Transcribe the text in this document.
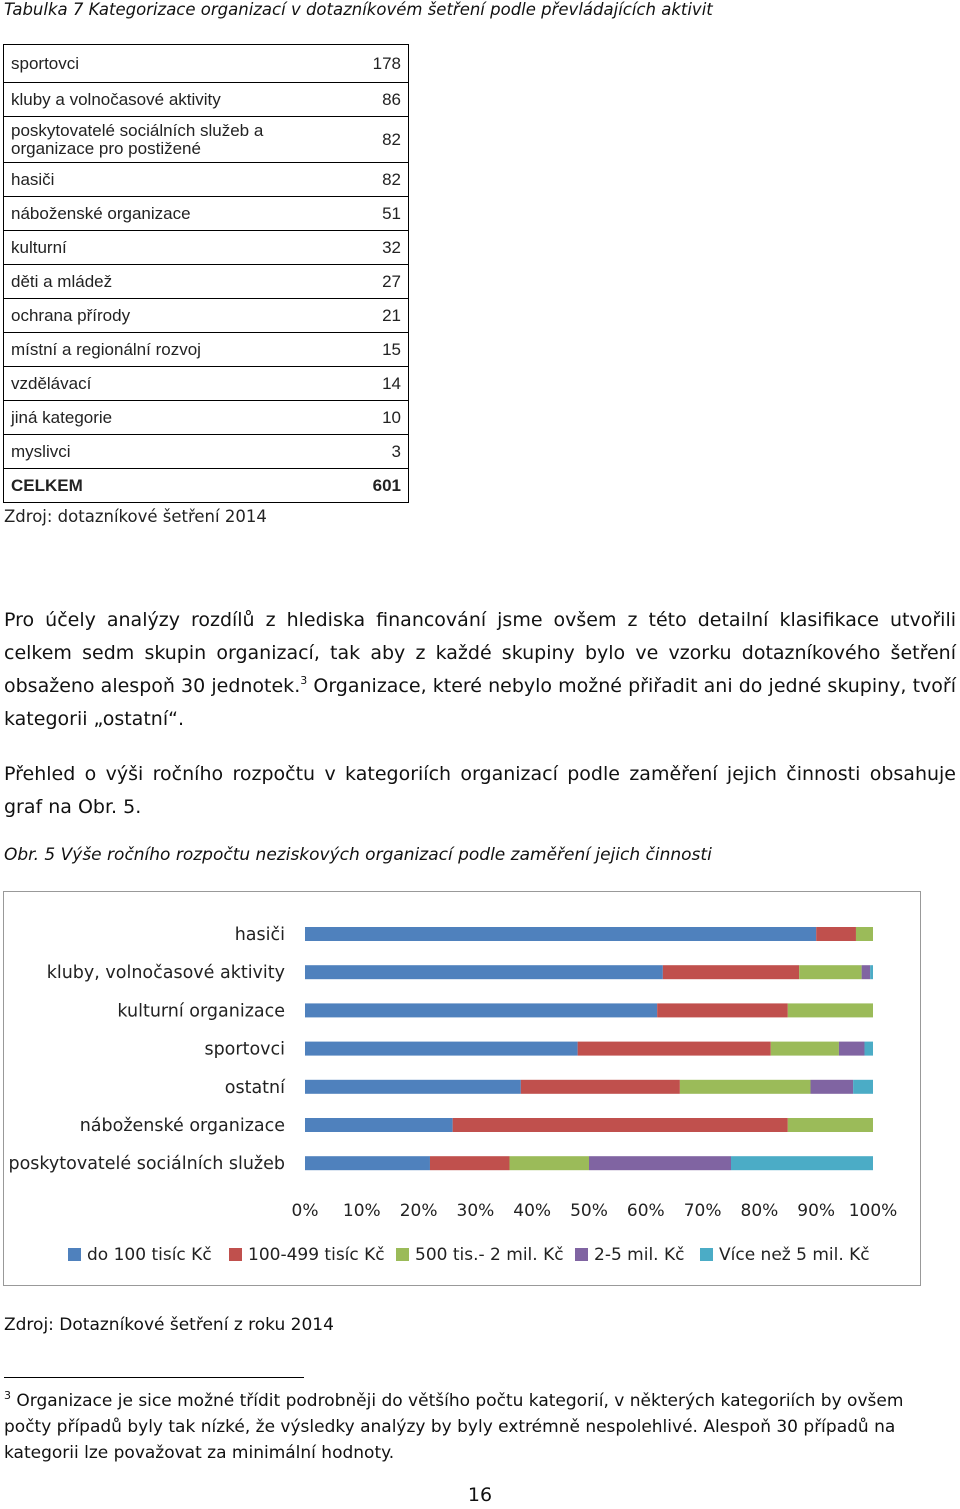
Tabulka 7 Kategorizace organizací v dotazníkovém šetření podle převládajících aktivit
sportovci	178
kluby a volnočasové aktivity	86
poskytovatelé sociálních služeb a organizace pro postižené	82
hasiči	82
náboženské organizace	51
kulturní	32
děti a mládež	27
ochrana přírody	21
místní a regionální rozvoj	15
vzdělávací	14
jiná kategorie	10
myslivci	3
CELKEM	601
Zdroj: dotazníkové šetření 2014

Pro účely analýzy rozdílů z hlediska financování jsme ovšem z této detailní klasifikace utvořili celkem sedm skupin organizací, tak aby z každé skupiny bylo ve vzorku dotazníkového šetření obsaženo alespoň 30 jednotek.$^3$ Organizace, které nebylo možné přiřadit ani do jedné skupiny, tvoří kategorii „ostatní“.

Přehled o výši ročního rozpočtu v kategoriích organizací podle zaměření jejich činnosti obsahuje graf na Obr. 5.

Obr. 5 Výše ročního rozpočtu neziskových organizací podle zaměření jejich činnosti
hasiči
kluby, volnočasové aktivity
kulturní organizace
sportovci
ostatní
náboženské organizace
poskytovatelé sociálních služeb
0% 10% 20% 30% 40% 50% 60% 70% 80% 90% 100%
do 100 tisíc Kč 100-499 tisíc Kč 500 tis.- 2 mil. Kč 2-5 mil. Kč Více než 5 mil. Kč
Zdroj: Dotazníkové šetření z roku 2014
$^3$ Organizace je sice možné třídit podrobněji do většího počtu kategorií, v některých kategoriích by ovšem počty případů byly tak nízké, že výsledky analýzy by byly extrémně nespolehlivé. Alespoň 30 případů na kategorii lze považovat za minimální hodnoty.
16
